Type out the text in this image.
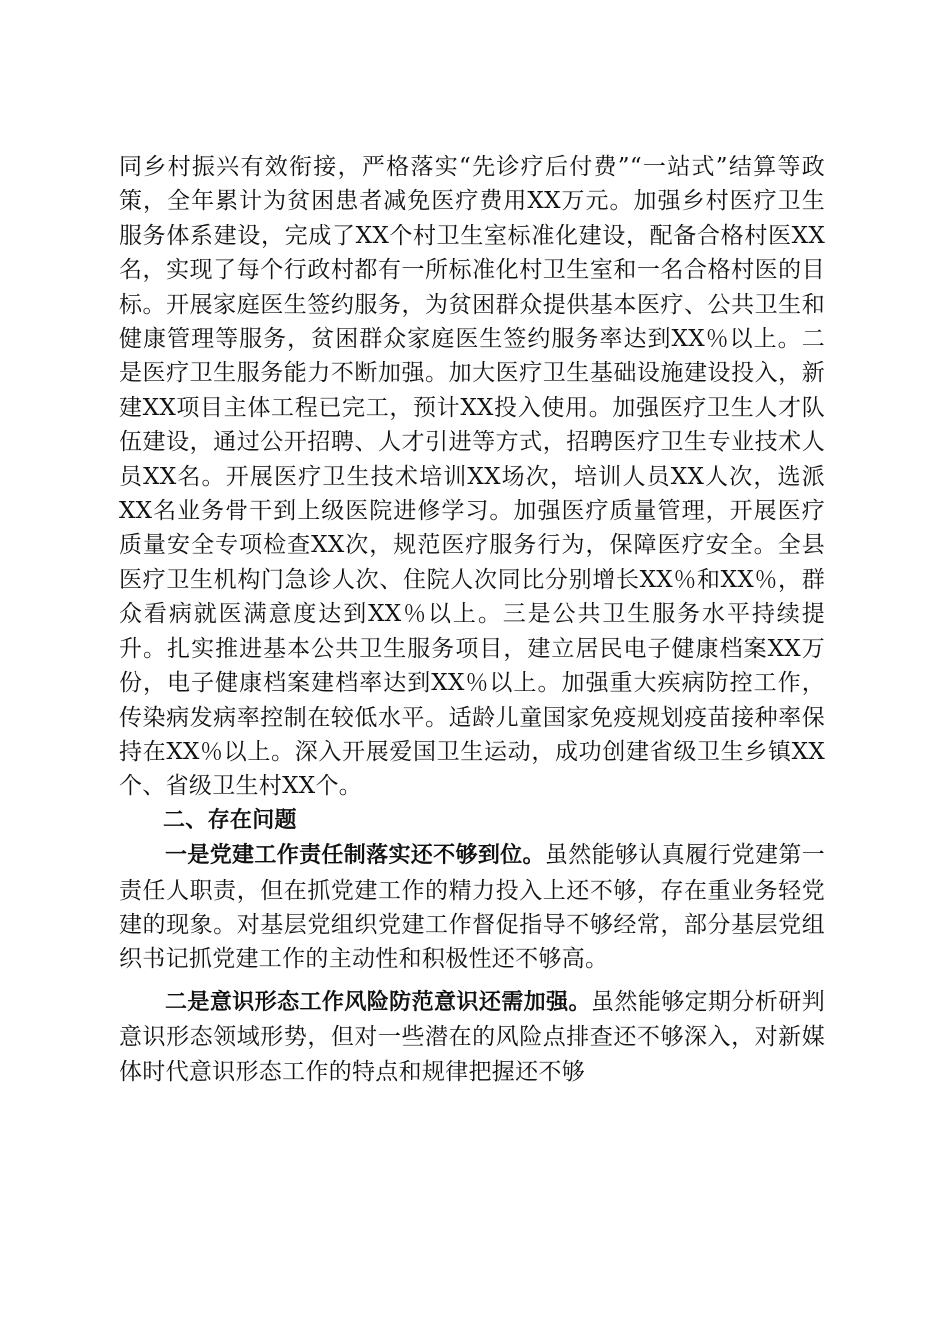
同乡村振兴有效衔接，严格落实“先诊疗后付费”“一站式”结算等政策，全年累计为贫困患者减免医疗费用XX万元。加强乡村医疗卫生服务体系建设，完成了XX个村卫生室标准化建设，配备合格村医XX名，实现了每个行政村都有一所标准化村卫生室和一名合格村医的目标。开展家庭医生签约服务，为贫困群众提供基本医疗、公共卫生和健康管理等服务，贫困群众家庭医生签约服务率达到XX％以上。二是医疗卫生服务能力不断加强。加大医疗卫生基础设施建设投入，新建XX项目主体工程已完工，预计XX投入使用。加强医疗卫生人才队伍建设，通过公开招聘、人才引进等方式，招聘医疗卫生专业技术人员XX名。开展医疗卫生技术培训XX场次，培训人员XX人次，选派XX名业务骨干到上级医院进修学习。加强医疗质量管理，开展医疗质量安全专项检查XX次，规范医疗服务行为，保障医疗安全。全县医疗卫生机构门急诊人次、住院人次同比分别增长XX％和XX％，群众看病就医满意度达到XX％以上。三是公共卫生服务水平持续提升。扎实推进基本公共卫生服务项目，建立居民电子健康档案XX万份，电子健康档案建档率达到XX％以上。加强重大疾病防控工作，传染病发病率控制在较低水平。适龄儿童国家免疫规划疫苗接种率保持在XX％以上。深入开展爱国卫生运动，成功创建省级卫生乡镇XX个、省级卫生村XX个。

二、存在问题

一是党建工作责任制落实还不够到位。虽然能够认真履行党建第一责任人职责，但在抓党建工作的精力投入上还不够，存在重业务轻党建的现象。对基层党组织党建工作督促指导不够经常，部分基层党组织书记抓党建工作的主动性和积极性还不够高。

二是意识形态工作风险防范意识还需加强。虽然能够定期分析研判意识形态领域形势，但对一些潜在的风险点排查还不够深入，对新媒体时代意识形态工作的特点和规律把握还不够
